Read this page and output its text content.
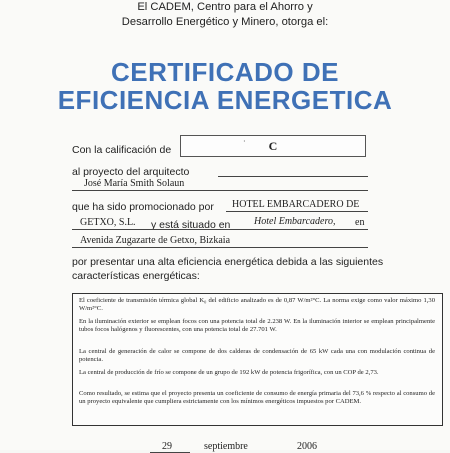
El CADEM, Centro para el Ahorro y
Desarrollo Energético y Minero, otorga el:
CERTIFICADO DE
EFICIENCIA ENERGETICA
Con la calificación de
·	C
al proyecto del arquitecto
José María Smith Solaun
que ha sido promocionado por HOTEL EMBARCADERO DE
GETXO, S.L. y está situado en Hotel Embarcadero, en
Avenida Zugazarte de Getxo, Bizkaia
por presentar una alta eficiencia energética debida a las siguientes
características energéticas:
El coeficiente de transmisión térmica global K₀ del edificio analizado es de 0,87 W/m²°C. La norma exige como valor máximo 1,30 W/m²°C.
En la iluminación exterior se emplean focos con una potencia total de 2.238 W. En la iluminación interior se emplean principalmente tubos focos halógenos y fluorescentes, con una potencia total de 27.701 W.
La central de generación de calor se compone de dos calderas de condensación de 65 kW cada una con modulación continua de potencia.
La central de producción de frío se compone de un grupo de 192 kW de potencia frigorífica, con un COP de 2,73.
Como resultado, se estima que el proyecto presenta un coeficiente de consumo de energía primaria del 73,6 % respecto al consumo de un proyecto equivalente que cumpliera estrictamente con los mínimos energéticos impuestos por CADEM.
29	septiembre	2006
